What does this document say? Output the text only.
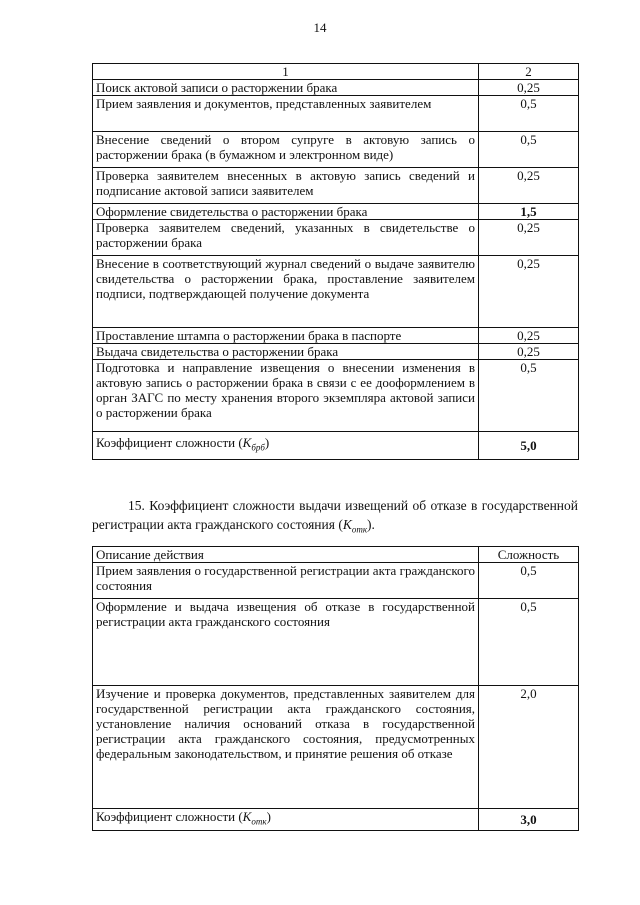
14
1	2
Поиск актовой записи о расторжении брака	0,25
Прием заявления и документов, представленных заявителем	0,5
Внесение сведений о втором супруге в актовую запись о расторжении брака (в бумажном и электронном виде)	0,5
Проверка заявителем внесенных в актовую запись сведений и подписание актовой записи заявителем	0,25
Оформление свидетельства о расторжении брака	1,5
Проверка заявителем сведений, указанных в свидетельстве о расторжении брака	0,25
Внесение в соответствующий журнал сведений о выдаче заявителю свидетельства о расторжении брака, проставление заявителем подписи, подтверждающей получение документа	0,25
Проставление штампа о расторжении брака в паспорте	0,25
Выдача свидетельства о расторжении брака	0,25
Подготовка и направление извещения о внесении изменения в актовую запись о расторжении брака в связи с ее дооформлением в орган ЗАГС по месту хранения второго экземпляра актовой записи о расторжении брака	0,5
Коэффициент сложности $(K_{брб})$	5,0
15. Коэффициент сложности выдачи извещений об отказе в государственной регистрации акта гражданского состояния $(K_{отк})$.
Описание действия	Сложность
Прием заявления о государственной регистрации акта гражданского состояния	0,5
Оформление и выдача извещения об отказе в государственной регистрации акта гражданского состояния	0,5
Изучение и проверка документов, представленных заявителем для государственной регистрации акта гражданского состояния, установление наличия оснований отказа в государственной регистрации акта гражданского состояния, предусмотренных федеральным законодательством, и принятие решения об отказе	2,0
Коэффициент сложности $(K_{отк})$	3,0
